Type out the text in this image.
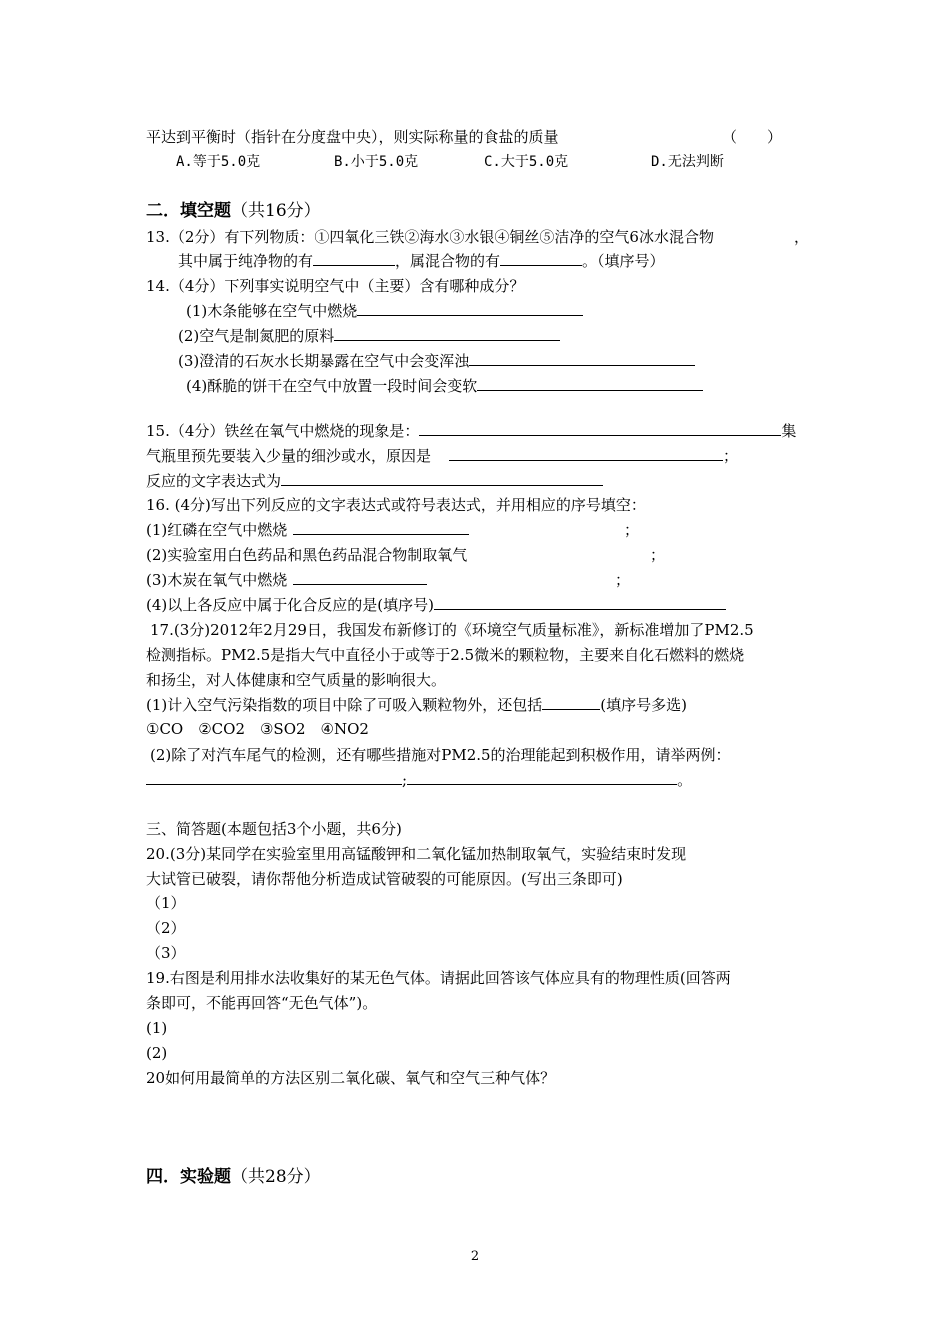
平达到平衡时（指针在分度盘中央），则实际称量的食盐的质量	（　　）
A.等于5.0克	B.小于5.0克	C.大于5.0克	D.无法判断
二．填空题（共16分）
13.（2分）有下列物质：①四氧化三铁②海水③水银④铜丝⑤洁净的空气6冰水混合物	，
其中属于纯净物的有	，属混合物的有	。（填序号）
14.（4分）下列事实说明空气中（主要）含有哪种成分？
(1)木条能够在空气中燃烧
(2)空气是制氮肥的原料
(3)澄清的石灰水长期暴露在空气中会变浑浊
(4)酥脆的饼干在空气中放置一段时间会变软
15.（4分）铁丝在氧气中燃烧的现象是：	集
气瓶里预先要装入少量的细沙或水，原因是	；
反应的文字表达式为
16. (4分)写出下列反应的文字表达式或符号表达式，并用相应的序号填空：
(1)红磷在空气中燃烧	；
(2)实验室用白色药品和黑色药品混合物制取氧气	；
(3)木炭在氧气中燃烧	；
(4)以上各反应中属于化合反应的是(填序号)
17.(3分)2012年2月29日，我国发布新修订的《环境空气质量标准》，新标准增加了PM2.5
检测指标。PM2.5是指大气中直径小于或等于2.5微米的颗粒物，主要来自化石燃料的燃烧
和扬尘，对人体健康和空气质量的影响很大。
(1)计入空气污染指数的项目中除了可吸入颗粒物外，还包括	(填序号多选)
①CO　②CO2　③SO2　④NO2
(2)除了对汽车尾气的检测，还有哪些措施对PM2.5的治理能起到积极作用，请举两例：
;	。
三、简答题(本题包括3个小题，共6分)
20.(3分)某同学在实验室里用高锰酸钾和二氧化锰加热制取氧气，实验结束时发现
大试管已破裂，请你帮他分析造成试管破裂的可能原因。(写出三条即可)
（1）
（2）
（3）
19.右图是利用排水法收集好的某无色气体。请据此回答该气体应具有的物理性质(回答两
条即可，不能再回答“无色气体”)。
(1)
(2)
20如何用最简单的方法区别二氧化碳、氧气和空气三种气体？
四．实验题（共28分）
2
